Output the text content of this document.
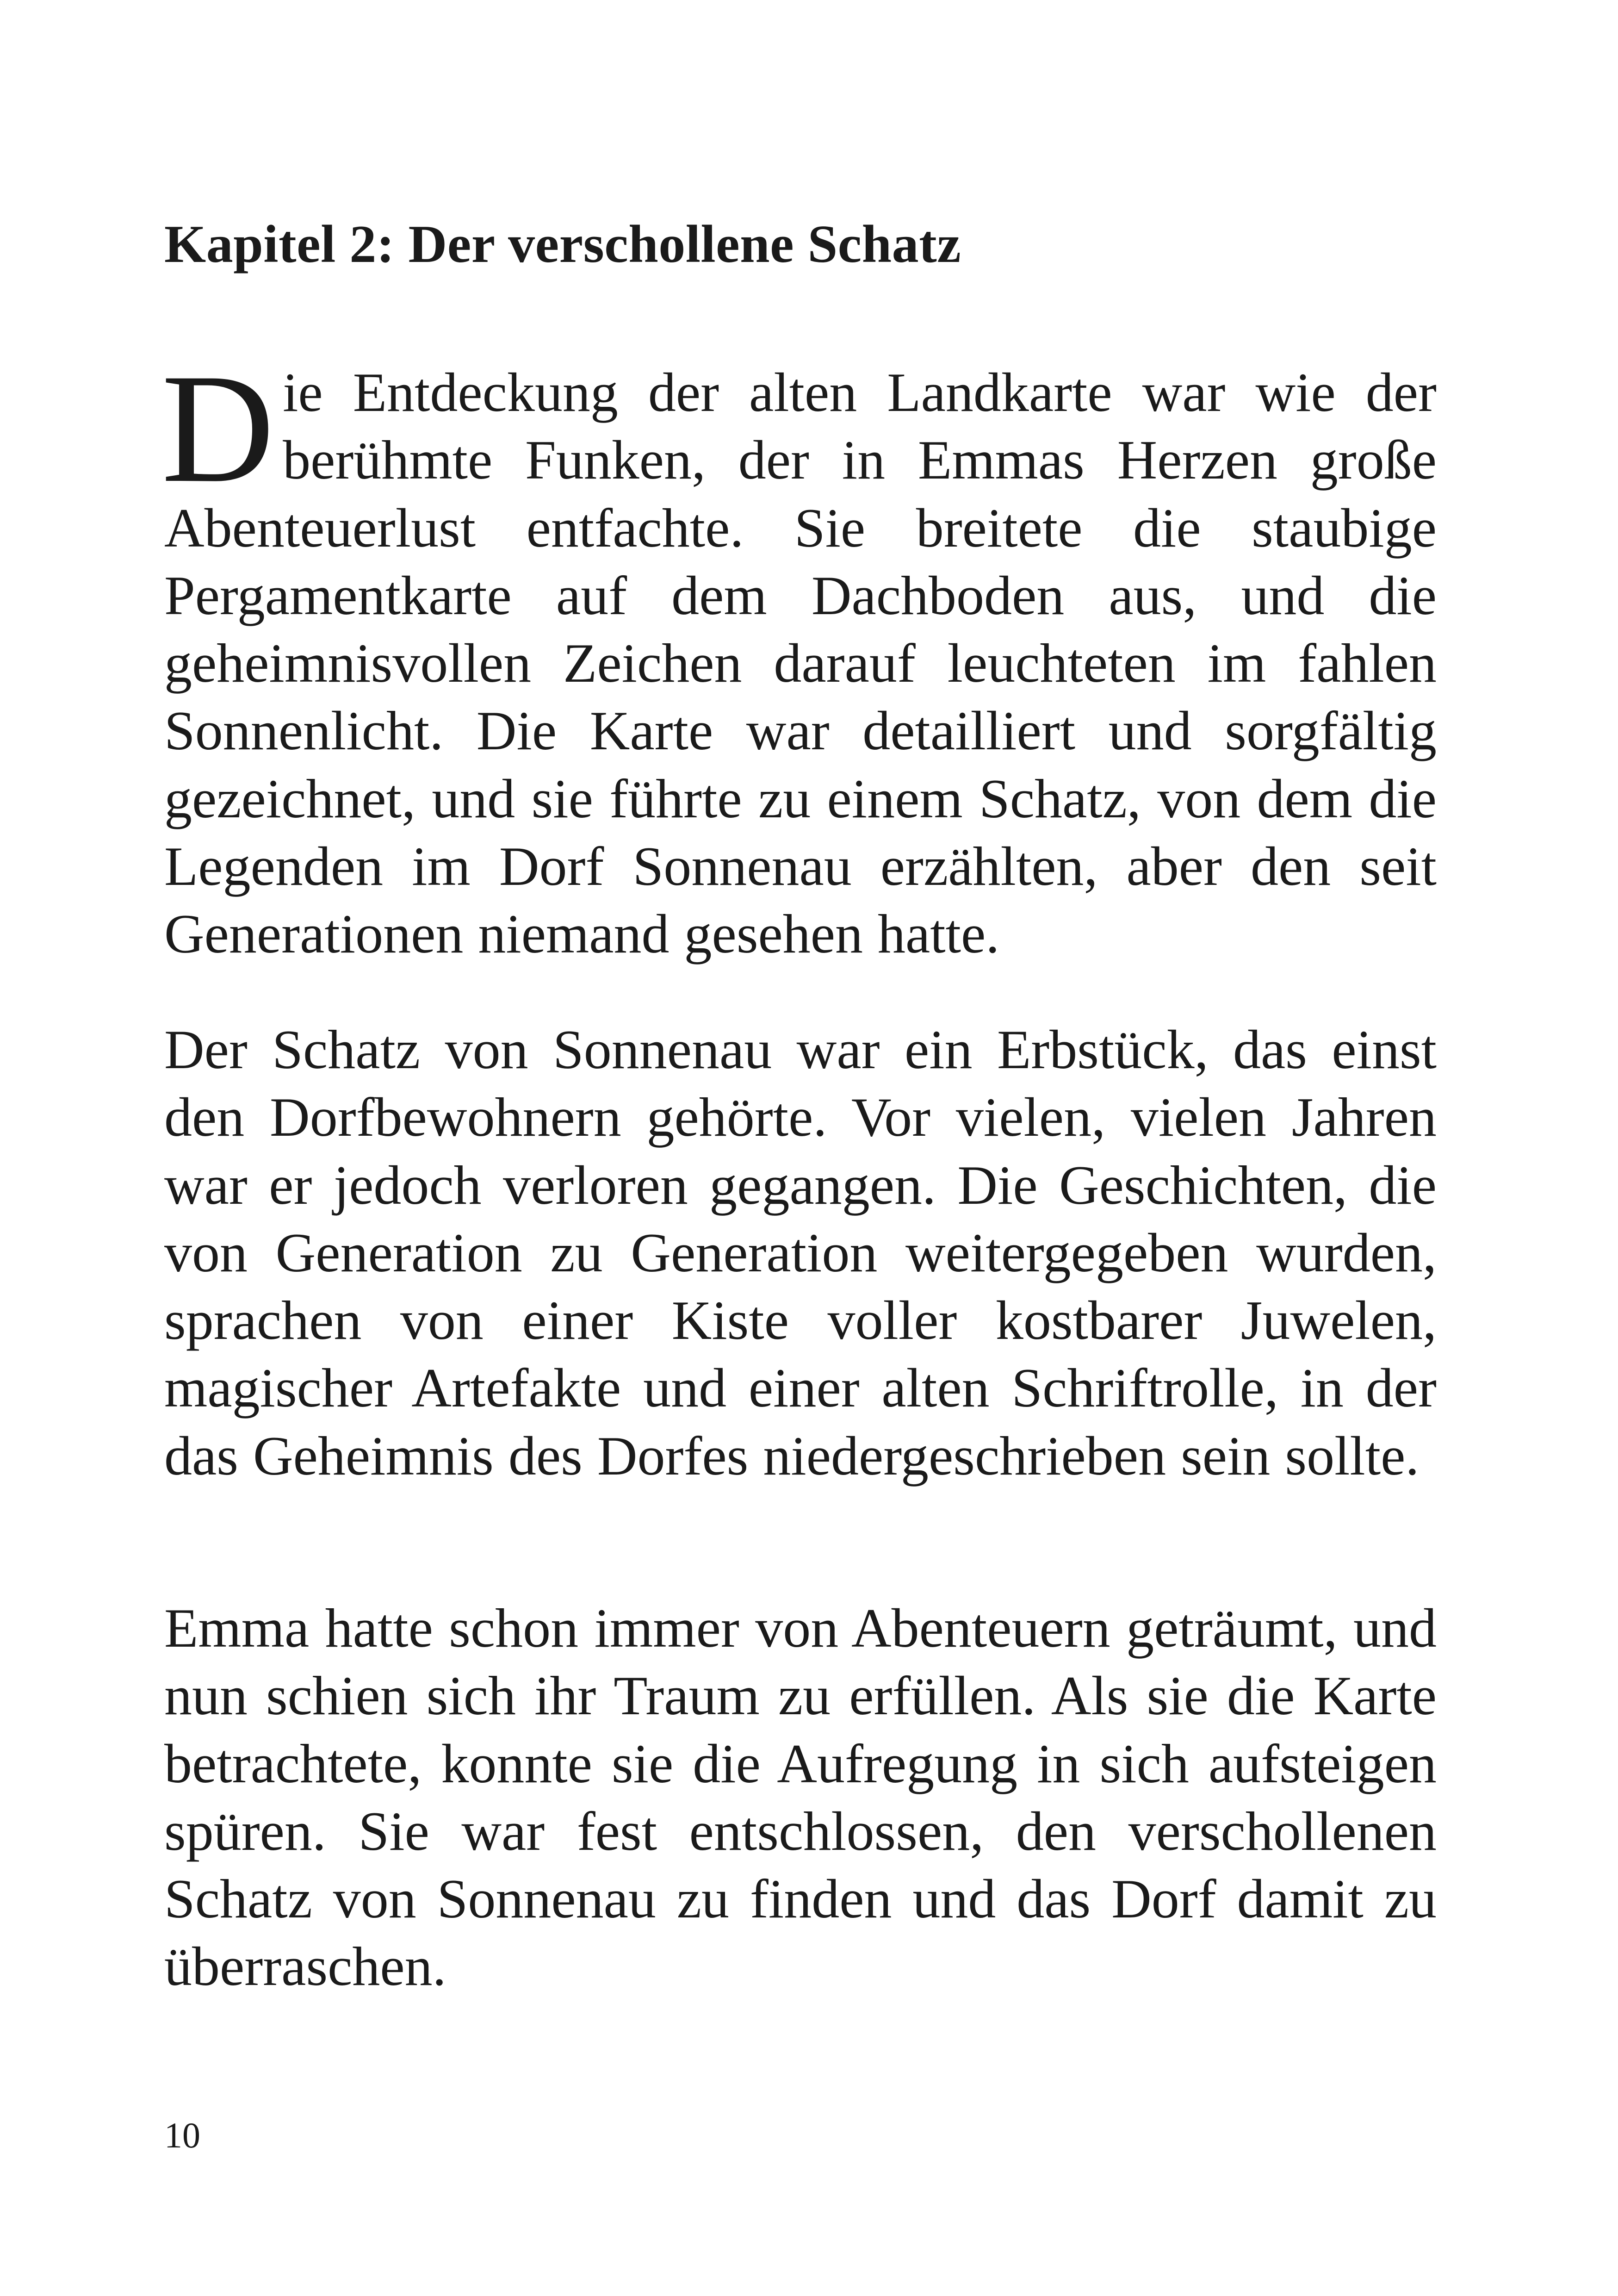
Kapitel 2: Der verschollene Schatz

Die Entdeckung der alten Landkarte war wie der berühmte Funken, der in Emmas Herzen große Abenteuerlust entfachte. Sie breitete die staubige Pergamentkarte auf dem Dachboden aus, und die geheimnisvollen Zeichen darauf leuchteten im fahlen Sonnenlicht. Die Karte war detailliert und sorgfältig gezeichnet, und sie führte zu einem Schatz, von dem die Legenden im Dorf Sonnenau erzählten, aber den seit Generationen niemand gesehen hatte.

Der Schatz von Sonnenau war ein Erbstück, das einst den Dorfbewohnern gehörte. Vor vielen, vielen Jahren war er jedoch verloren gegangen. Die Geschichten, die von Generation zu Generation weitergegeben wurden, sprachen von einer Kiste voller kostbarer Juwelen, magischer Artefakte und einer alten Schriftrolle, in der das Geheimnis des Dorfes niedergeschrieben sein sollte.

Emma hatte schon immer von Abenteuern geträumt, und nun schien sich ihr Traum zu erfüllen. Als sie die Karte betrachtete, konnte sie die Aufregung in sich aufsteigen spüren. Sie war fest entschlossen, den verschollenen Schatz von Sonnenau zu finden und das Dorf damit zu überraschen.

10
